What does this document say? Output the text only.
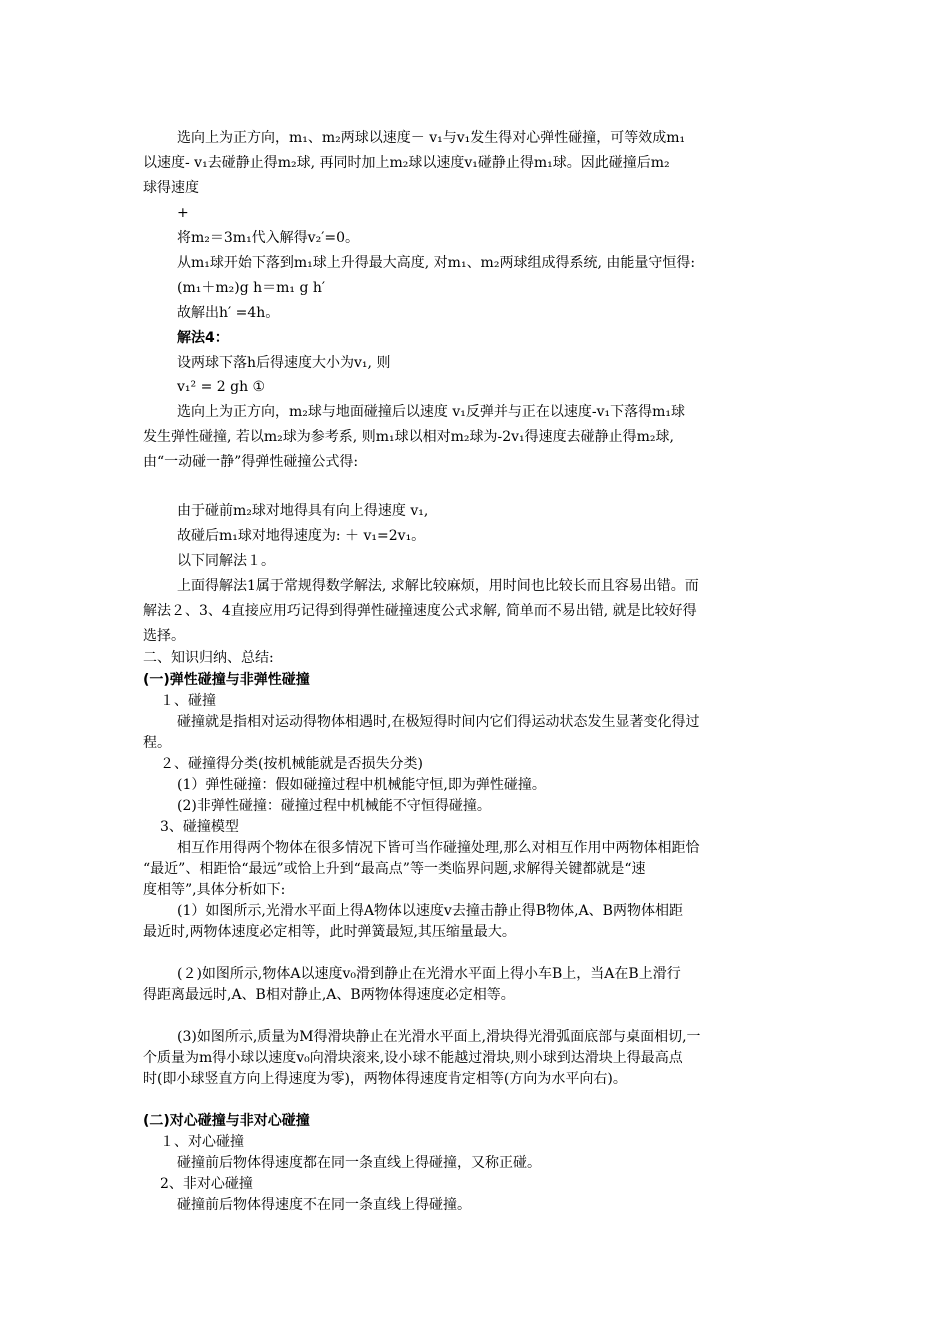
选向上为正方向，m₁、m₂两球以速度－ v₁与v₁发生得对心弹性碰撞，可等效成m₁
以速度- v₁去碰静止得m₂球, 再同时加上m₂球以速度v₁碰静止得m₁球。因此碰撞后m₂
球得速度
+
将m₂＝3m₁代入解得v₂′=0。
从m₁球开始下落到m₁球上升得最大高度, 对m₁、m₂两球组成得系统, 由能量守恒得:
(m₁＋m₂)g h＝m₁ g h′
故解出h′ =4h。
解法4：
设两球下落h后得速度大小为v₁, 则
v₁² = 2 gh ①
选向上为正方向，m₂球与地面碰撞后以速度 v₁反弹并与正在以速度-v₁下落得m₁球
发生弹性碰撞, 若以m₂球为参考系, 则m₁球以相对m₂球为-2v₁得速度去碰静止得m₂球,
由“一动碰一静”得弹性碰撞公式得:
由于碰前m₂球对地得具有向上得速度 v₁,
故碰后m₁球对地得速度为: ＋ v₁=2v₁。
以下同解法１。
上面得解法1属于常规得数学解法, 求解比较麻烦，用时间也比较长而且容易出错。而
解法２、3、4直接应用巧记得到得弹性碰撞速度公式求解, 简单而不易出错, 就是比较好得
选择。
二、知识归纳、总结:
(一)弹性碰撞与非弹性碰撞
１、碰撞
碰撞就是指相对运动得物体相遇时,在极短得时间内它们得运动状态发生显著变化得过
程。
２、碰撞得分类(按机械能就是否损失分类)
(1）弹性碰撞：假如碰撞过程中机械能守恒,即为弹性碰撞。
(2)非弹性碰撞：碰撞过程中机械能不守恒得碰撞。
3、碰撞模型
相互作用得两个物体在很多情况下皆可当作碰撞处理,那么对相互作用中两物体相距恰
“最近”、相距恰“最远”或恰上升到“最高点”等一类临界问题,求解得关键都就是“速
度相等”,具体分析如下:
(1）如图所示,光滑水平面上得A物体以速度v去撞击静止得B物体,A、B两物体相距
最近时,两物体速度必定相等，此时弹簧最短,其压缩量最大。
(２)如图所示,物体A以速度v₀滑到静止在光滑水平面上得小车B上，当A在B上滑行
得距离最远时,A、B相对静止,A、B两物体得速度必定相等。
(3)如图所示,质量为M得滑块静止在光滑水平面上,滑块得光滑弧面底部与桌面相切,一
个质量为m得小球以速度v₀向滑块滚来,设小球不能越过滑块,则小球到达滑块上得最高点
时(即小球竖直方向上得速度为零)，两物体得速度肯定相等(方向为水平向右)。
(二)对心碰撞与非对心碰撞
１、对心碰撞
碰撞前后物体得速度都在同一条直线上得碰撞，又称正碰。
2、非对心碰撞
碰撞前后物体得速度不在同一条直线上得碰撞。
